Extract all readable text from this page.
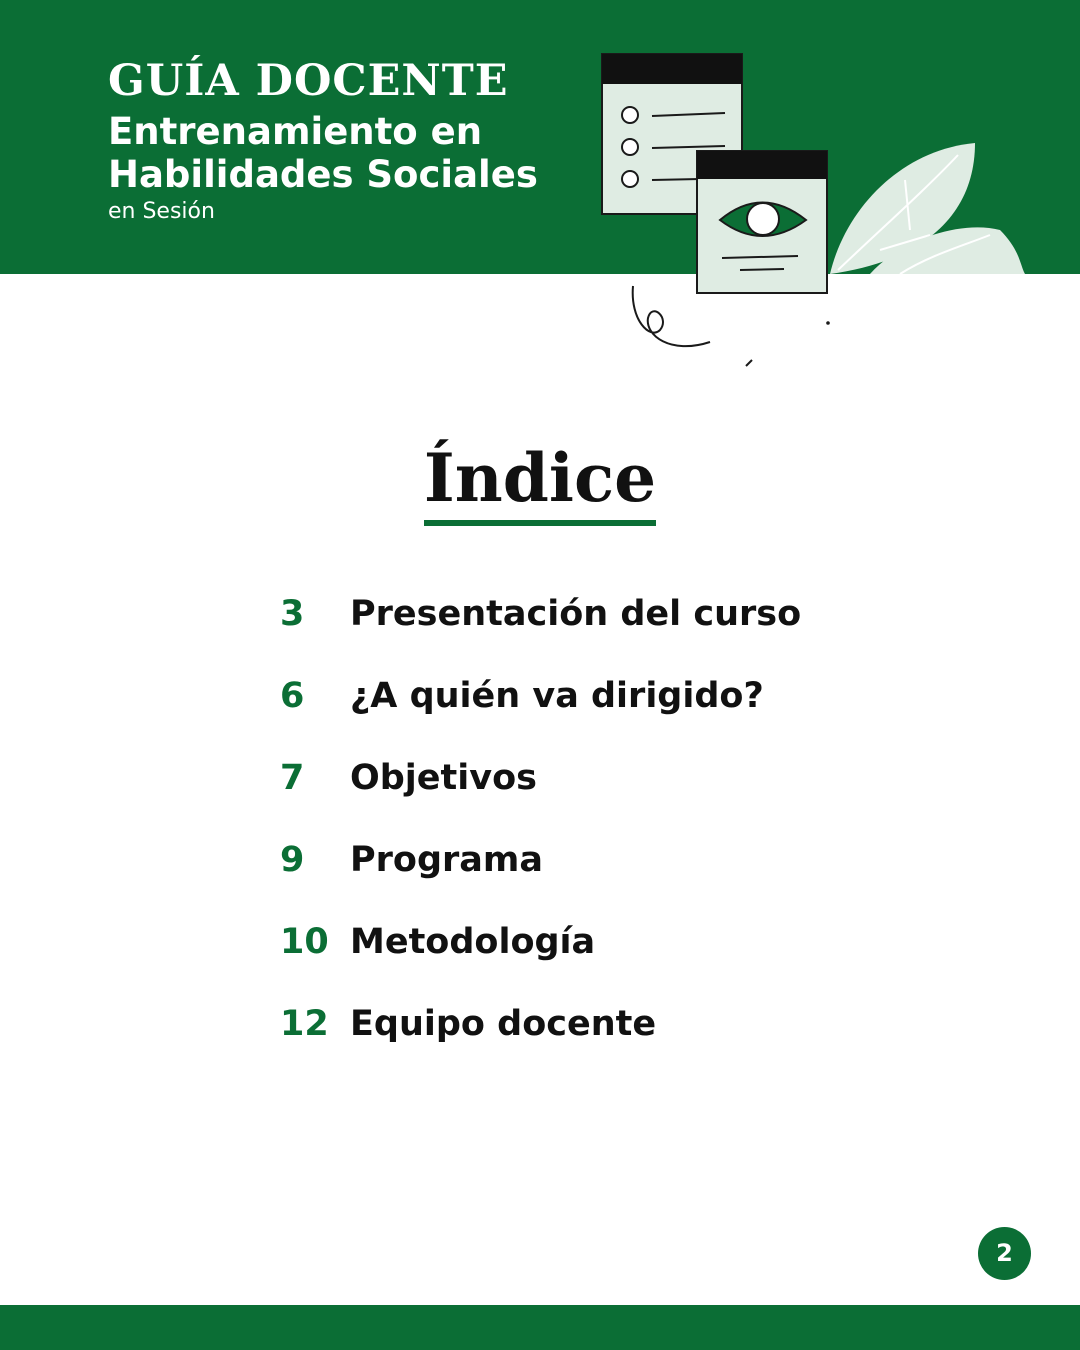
GUÍA DOCENTE
Entrenamiento en
Habilidades Sociales
en Sesión
Índice
3	Presentación del curso
6	¿A quién va dirigido?
7	Objetivos
9	Programa
10 Metodología
12 Equipo docente
2
